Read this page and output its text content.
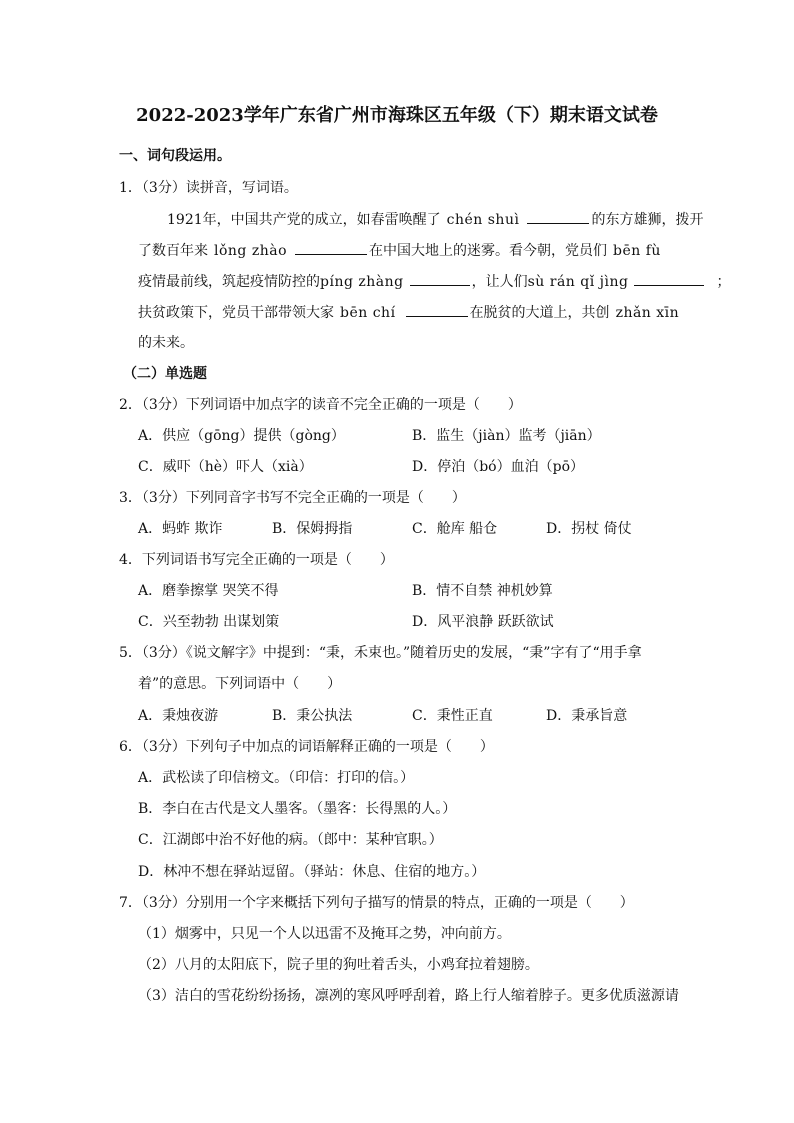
2022-2023学年广东省广州市海珠区五年级（下）期末语文试卷
一、词句段运用。
1．（3分）读拼音，写词语。
1921年，中国共产党的成立，如春雷唤醒了 chén shuì	的东方雄狮，拨开
了数百年来 lǒng zhào	在中国大地上的迷雾。看今朝，党员们 bēn fù
疫情最前线，筑起疫情防控的píng zhàng	，让人们sù rán qǐ jìng	；
扶贫政策下，党员干部带领大家 bēn chí	在脱贫的大道上，共创 zhǎn xīn
的未来。
（二）单选题
2．（3分）下列词语中加点字的读音不完全正确的一项是（　　）
A．供应（gōng）提供（gòng）	B．监生（jiàn）监考（jiān）
C．威吓（hè）吓人（xià）	D．停泊（bó）血泊（pō）
3．（3分）下列同音字书写不完全正确的一项是（　　）
A．蚂蚱 欺诈	B．保姆拇指	C．舱库 船仓	D．拐杖 倚仗
4．下列词语书写完全正确的一项是（　　）
A．磨拳擦掌 哭笑不得	B．情不自禁 神机妙算
C．兴至勃勃 出谋划策	D．风平浪静 跃跃欲试
5．（3分）《说文解字》中提到：“秉，禾束也。”随着历史的发展，“秉”字有了“用手拿
着”的意思。下列词语中（　　）
A．秉烛夜游	B．秉公执法	C．秉性正直	D．秉承旨意
6．（3分）下列句子中加点的词语解释正确的一项是（　　）
A．武松读了印信榜文。（印信：打印的信。）
B．李白在古代是文人墨客。（墨客：长得黑的人。）
C．江湖郎中治不好他的病。（郎中：某种官职。）
D．林冲不想在驿站逗留。（驿站：休息、住宿的地方。）
7．（3分）分别用一个字来概括下列句子描写的情景的特点，正确的一项是（　　）
（1）烟雾中，只见一个人以迅雷不及掩耳之势，冲向前方。
（2）八月的太阳底下，院子里的狗吐着舌头，小鸡耷拉着翅膀。
（3）洁白的雪花纷纷扬扬，凛冽的寒风呼呼刮着，路上行人缩着脖子。更多优质滋源请
